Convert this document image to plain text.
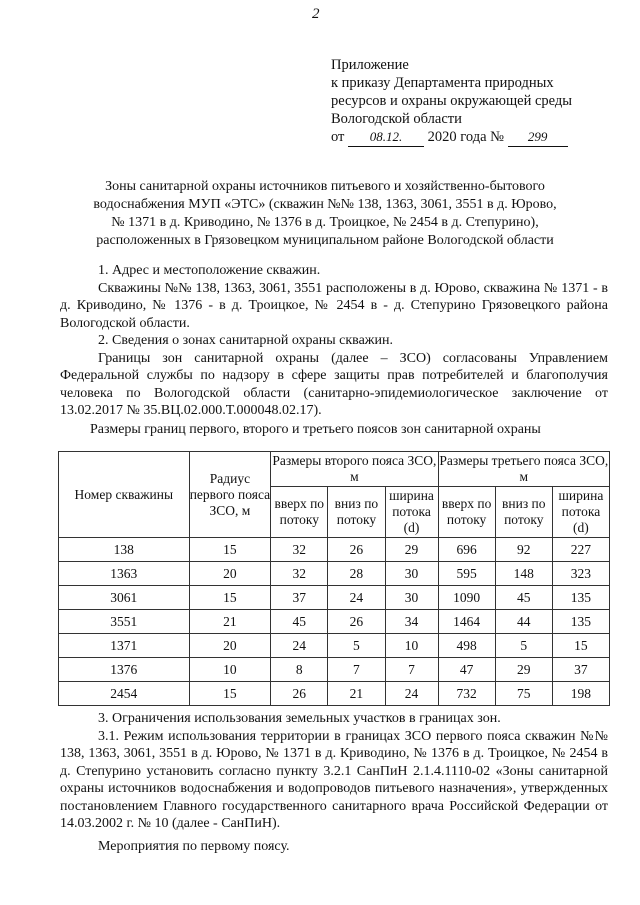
2
Приложение
к приказу Департамента природных
ресурсов и охраны окружающей среды
Вологодской области
от 08.12. 2020 года № 299
Зоны санитарной охраны источников питьевого и хозяйственно-бытового
водоснабжения МУП «ЭТС» (скважин №№ 138, 1363, 3061, 3551 в д. Юрово,
№ 1371 в д. Криводино, № 1376 в д. Троицкое, № 2454 в д. Степурино),
расположенных в Грязовецком муниципальном районе Вологодской области

1. Адрес и местоположение скважин.

Скважины №№ 138, 1363, 3061, 3551 расположены в д. Юрово, скважина № 1371 - в д. Криводино, № 1376 - в д. Троицкое, № 2454 в - д. Степурино Грязовецкого района Вологодской области.

2. Сведения о зонах санитарной охраны скважин.

Границы зон санитарной охраны (далее – ЗСО) согласованы Управлением Федеральной службы по надзору в сфере защиты прав потребителей и благополучия человека по Вологодской области (санитарно-эпидемиологическое заключение от 13.02.2017 № 35.ВЦ.02.000.Т.000048.02.17).

Размеры границ первого, второго и третьего поясов зон санитарной охраны
Номер скважины	Радиус первого пояса ЗСО, м	Размеры второго пояса ЗСО, м			Размеры третьего пояса ЗСО, м		
		вверх по потоку	вниз по потоку	ширина потока (d)	вверх по потоку	вниз по потоку	ширина потока (d)
138	15	32	26	29	696	92	227
1363	20	32	28	30	595	148	323
3061	15	37	24	30	1090	45	135
3551	21	45	26	34	1464	44	135
1371	20	24	5	10	498	5	15
1376	10	8	7	7	47	29	37
2454	15	26	21	24	732	75	198

3. Ограничения использования земельных участков в границах зон.

3.1. Режим использования территории в границах ЗСО первого пояса скважин №№ 138, 1363, 3061, 3551 в д. Юрово, № 1371 в д. Криводино, № 1376 в д. Троицкое, № 2454 в д. Степурино установить согласно пункту 3.2.1 СанПиН 2.1.4.1110-02 «Зоны санитарной охраны источников водоснабжения и водопроводов питьевого назначения», утвержденных постановлением Главного государственного санитарного врача Российской Федерации от 14.03.2002 г. № 10 (далее - СанПиН).

Мероприятия по первому поясу.
